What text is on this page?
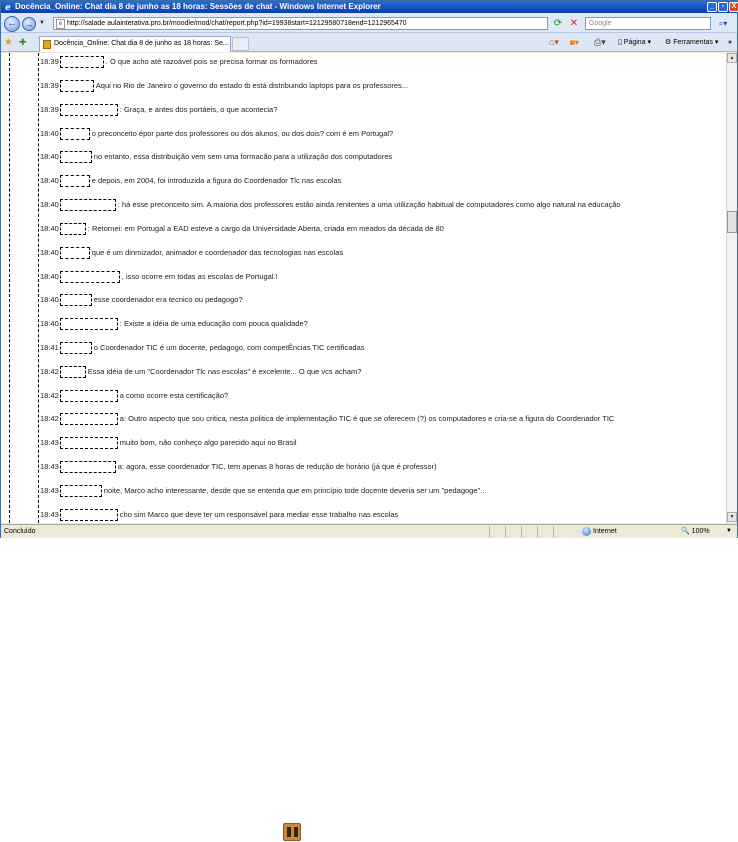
ℯ Docência_Online: Chat dia 8 de junho as 18 horas: Sessões de chat - Windows Internet Explorer	_	▫	X
← → ▼	e http://salade aulainterativa.pro.br/moodle/mod/chat/report.php?id=19938start=12129580718end=1212965470	⟳ ✕	Google	⌕▾
★ ✚	Docência_Online: Chat dia 8 de junho as 18 horas: Se...	⌂▾ ◙▾ ⎙▾ ▯ Página ▾ ⚙ Ferramentas ▾ »
18:39	. O que acho até razoável pois se precisa formar os formadores
18:39	Aqui no Rio de Janeiro o governo do estado tb está distribuindo laptops para os professores...
18:39	: Graça, e antes dos portáeis, o que acontecia?
18:40	o preconceito épor parte dos professores ou dos alunos, ou dos dois? com é em Portugal?
18:40	no entanto, essa distribuição vem sem uma formacão para a utilização dos computadores
18:40	e depois, em 2004, foi introduzida a figura do Coordenador Tlc nas escolas
18:40	: há esse preconceito sim. A maioria dos professores estão ainda renitentes a uma utilização habitual de computadores como algo natural na educação
18:40	: Retornei: em Portugal a EAD esteve a cargo da Universidade Aberta, criada em meados da década de 80
18:40	que é um dinmizador, animador e coordenador das tecnologias nas escolas
18:40	, isso ocorre em todas as escolas de Portugal.!
18:40	esse coordenador era tecnico ou pedagogo?
18:40	: Existe a idéia de uma educação com pouca qualidade?
18:41	o Coordenador TIC é um docente, pedagogo, com competÊncias TIC certificadas
18:42	Essa idéia de um "Coordenador Tlc nas escolas" é excelente... O que vcs acham?
18:42	a como ocorre esta certificação?
18:42	a: Outro aspecto que sou critica, nesta politica de implementação TIC é que se oferecem (?) os computadores e cria-se a figura do Coordenador TIC
18:43	muito bom, não conheço algo parecido aqui no Brasil
18:43	a: agora, esse coordenador TIC, tem apenas 8 horas de redução de horário (já que é professor)
18:43	noite, Marco acho interessante, desde que se entenda que em princípio tode docente deveria ser um "pedagoge"...
18:43	cho sim Marco que deve ter um responsável para mediar esse trabalho nas escolas
▲
▼
Concluído	Internet	🔍 100%	▼
